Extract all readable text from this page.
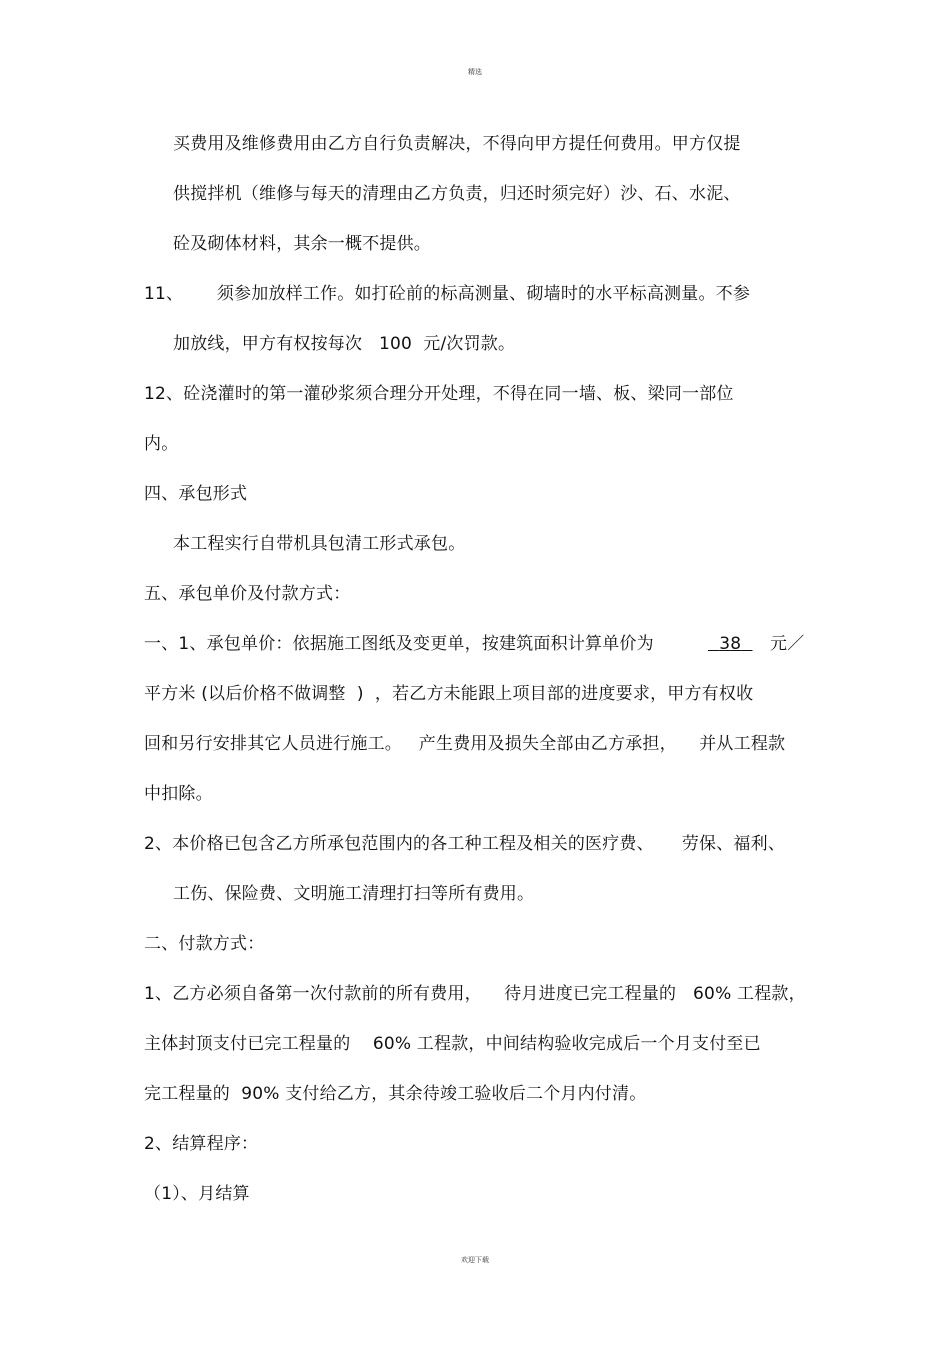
精选
买费用及维修费用由乙方自行负责解决，不得向甲方提任何费用。甲方仅提
供搅拌机（维修与每天的清理由乙方负责，归还时须完好）沙、石、水泥、
砼及砌体材料，其余一概不提供。
11、      须参加放样工作。如打砼前的标高测量、砌墙时的水平标高测量。不参
加放线，甲方有权按每次   100  元/次罚款。
12、砼浇灌时的第一灌砂浆须合理分开处理，不得在同一墙、板、梁同一部位
内。
四、承包形式
本工程实行自带机具包清工形式承包。
五、承包单价及付款方式：
一、1、承包单价：依据施工图纸及变更单，按建筑面积计算单价为	38	元／
平方米 (以后价格不做调整  )  ，若乙方未能跟上项目部的进度要求，甲方有权收
回和另行安排其它人员进行施工。   产生费用及损失全部由乙方承担，    并从工程款
中扣除。
2、本价格已包含乙方所承包范围内的各工种工程及相关的医疗费、     劳保、福利、
工伤、保险费、文明施工清理打扫等所有费用。
二、付款方式：
1、乙方必须自备第一次付款前的所有费用，    待月进度已完工程量的   60% 工程款，
主体封顶支付已完工程量的    60% 工程款，中间结构验收完成后一个月支付至已
完工程量的  90% 支付给乙方，其余待竣工验收后二个月内付清。
2、结算程序：
（1）、月结算
欢迎下载
